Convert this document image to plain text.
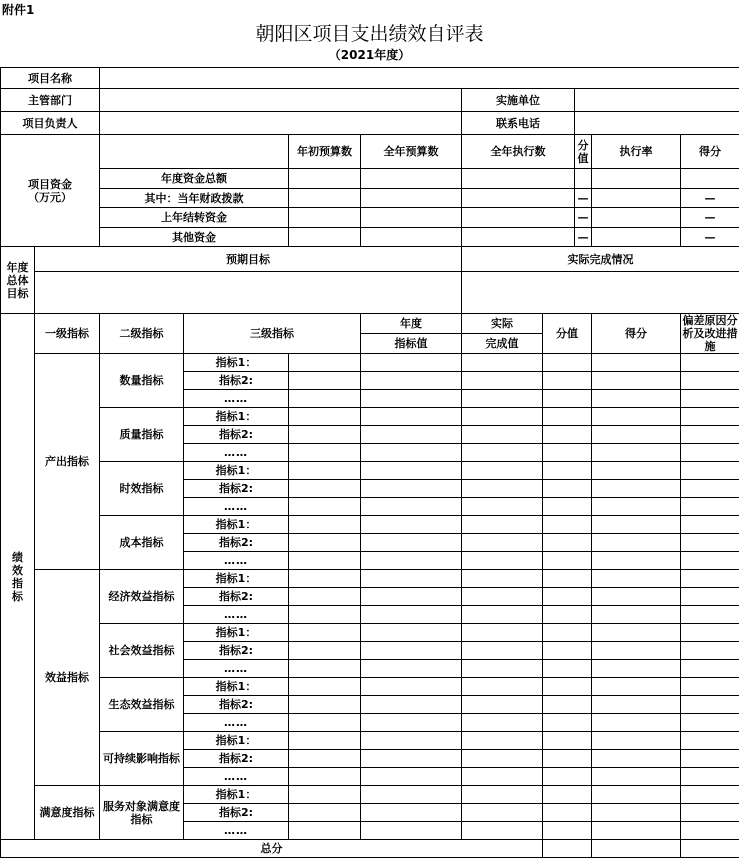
附件1
朝阳区项目支出绩效自评表
（2021年度）
项目名称										
主管部门						实施单位				
项目负责人						联系电话				
项目资金
（万元）				年初预算数	全年预算数	全年执行数		分值	执行率	得分
		年度资金总额								
		其中：当年财政拨款						—		—
		上年结转资金						—		—
		其他资金						—		—
年度总体目标	预期目标					实际完成情况				

绩效指标	一级指标	二级指标	三级指标		年度	实际	分值		得分	偏差原因分析及改进措施
					指标值	完成值				
	产出指标	数量指标	指标1：							
			指标2:							
			……							
		质量指标	指标1：							
			指标2:							
			……							
		时效指标	指标1：							
			指标2:							
			……							
		成本指标	指标1：							
			指标2:							
			……							
	效益指标	经济效益指标	指标1：							
			指标2:							
			……							
		社会效益指标	指标1：							
			指标2:							
			……							
		生态效益指标	指标1：							
			指标2:							
			……							
		可持续影响指标	指标1：							
			指标2:							
			……							
	满意度指标	服务对象满意度指标	指标1：							
			指标2:							
			……							
总分										
